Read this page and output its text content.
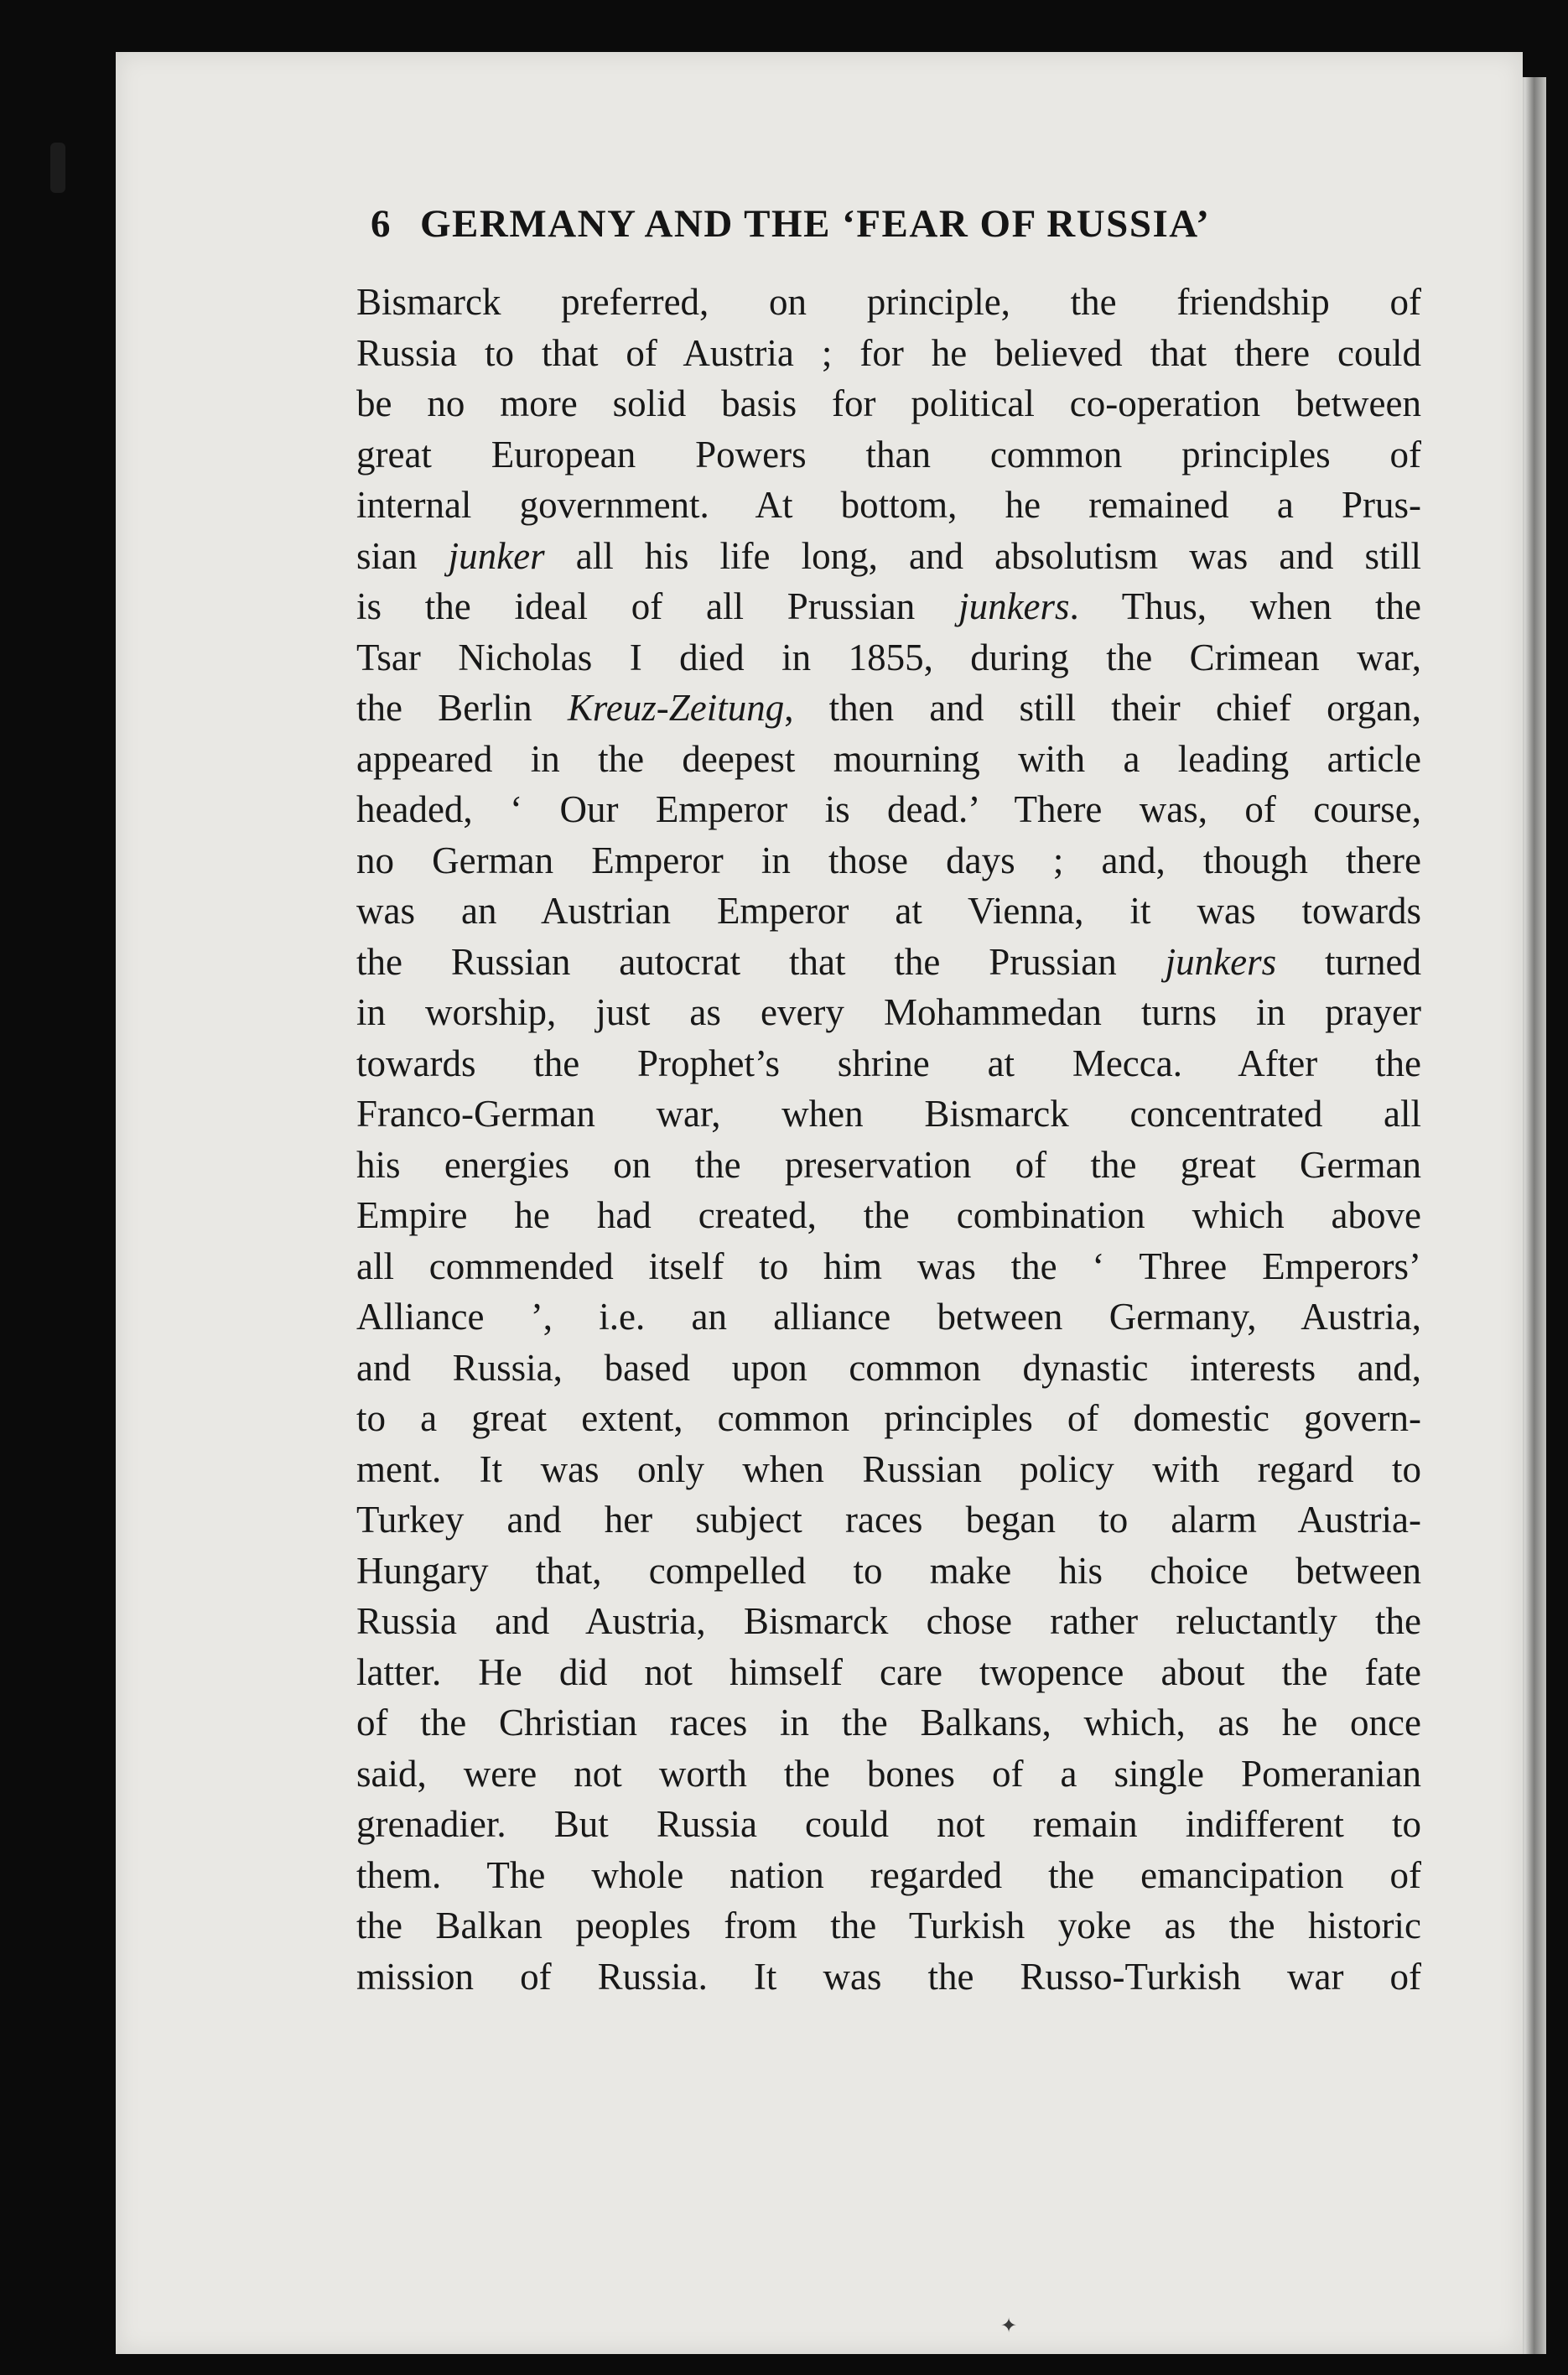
6 GERMANY AND THE ‘FEAR OF RUSSIA’
Bismarck preferred, on principle, the friendship of
Russia to that of Austria ; for he believed that there could
be no more solid basis for political co-operation between
great European Powers than common principles of
internal government. At bottom, he remained a Prus-
sian junker all his life long, and absolutism was and still
is the ideal of all Prussian junkers. Thus, when the
Tsar Nicholas I died in 1855, during the Crimean war,
the Berlin Kreuz-Zeitung, then and still their chief organ,
appeared in the deepest mourning with a leading article
headed, ‘ Our Emperor is dead.’ There was, of course,
no German Emperor in those days ; and, though there
was an Austrian Emperor at Vienna, it was towards
the Russian autocrat that the Prussian junkers turned
in worship, just as every Mohammedan turns in prayer
towards the Prophet’s shrine at Mecca. After the
Franco-German war, when Bismarck concentrated all
his energies on the preservation of the great German
Empire he had created, the combination which above
all commended itself to him was the ‘ Three Emperors’
Alliance ’, i.e. an alliance between Germany, Austria,
and Russia, based upon common dynastic interests and,
to a great extent, common principles of domestic govern-
ment. It was only when Russian policy with regard to
Turkey and her subject races began to alarm Austria-
Hungary that, compelled to make his choice between
Russia and Austria, Bismarck chose rather reluctantly the
latter. He did not himself care twopence about the fate
of the Christian races in the Balkans, which, as he once
said, were not worth the bones of a single Pomeranian
grenadier. But Russia could not remain indifferent to
them. The whole nation regarded the emancipation of
the Balkan peoples from the Turkish yoke as the historic
mission of Russia. It was the Russo-Turkish war of
✦
